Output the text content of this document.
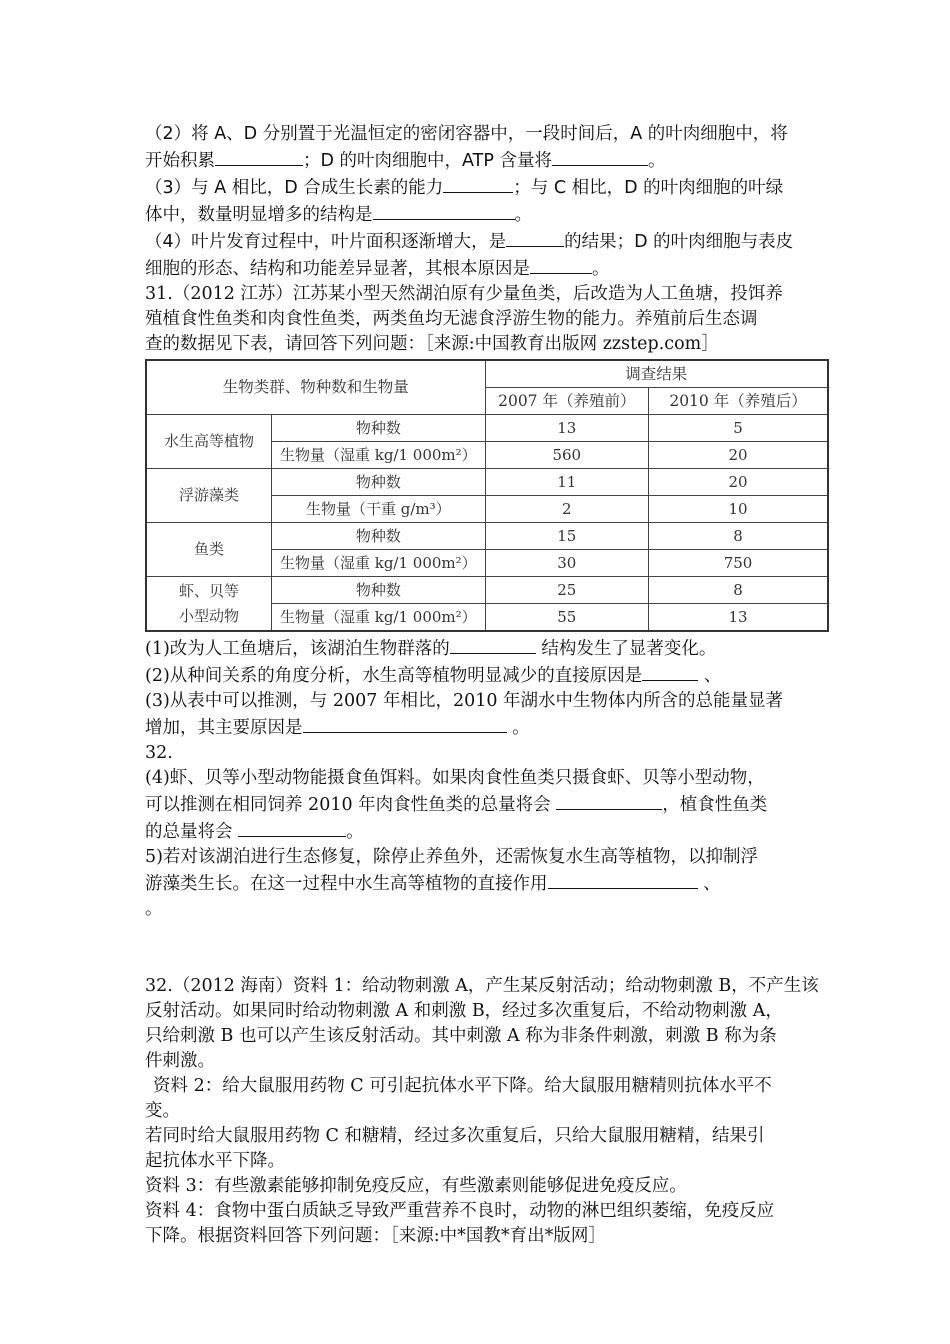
（2）将 A、D 分别置于光温恒定的密闭容器中，一段时间后，A 的叶肉细胞中，将
开始积累	；D 的叶肉细胞中，ATP 含量将	。
（3）与 A 相比，D 合成生长素的能力	；与 C 相比，D 的叶肉细胞的叶绿
体中，数量明显增多的结构是	。
（4）叶片发育过程中，叶片面积逐渐增大，是	的结果；D 的叶肉细胞与表皮
细胞的形态、结构和功能差异显著，其根本原因是	。
31.（2012 江苏）江苏某小型天然湖泊原有少量鱼类，后改造为人工鱼塘，投饵养
殖植食性鱼类和肉食性鱼类，两类鱼均无滤食浮游生物的能力。养殖前后生态调
查的数据见下表，请回答下列问题：［来源:中国教育出版网 zzstep.com］
生物类群、物种数和生物量		调查结果	
		2007 年（养殖前）	2010 年（养殖后）
水生高等植物	物种数	13	5
	生物量（湿重 kg/1 000m²）	560	20
浮游藻类	物种数	11	20
	生物量（干重 g/m³）	2	10
鱼类	物种数	15	8
	生物量（湿重 kg/1 000m²）	30	750

虾、贝等
小型动物	物种数	25	8
	生物量（湿重 kg/1 000m²）	55	13
(1)改为人工鱼塘后，该湖泊生物群落的	结构发生了显著变化。
(2)从种间关系的角度分析，水生高等植物明显减少的直接原因是	、
(3)从表中可以推测，与 2007 年相比，2010 年湖水中生物体内所含的总能量显著
增加，其主要原因是	。
32.
(4)虾、贝等小型动物能摄食鱼饵料。如果肉食性鱼类只摄食虾、贝等小型动物，
可以推测在相同饲养 2010 年肉食性鱼类的总量将会	，植食性鱼类
的总量将会	。
5)若对该湖泊进行生态修复，除停止养鱼外，还需恢复水生高等植物，以抑制浮
游藻类生长。在这一过程中水生高等植物的直接作用	、
。
32.（2012 海南）资料 1：给动物刺激 A，产生某反射活动；给动物刺激 B，不产生该
反射活动。如果同时给动物刺激 A 和刺激 B，经过多次重复后，不给动物刺激 A，
只给刺激 B 也可以产生该反射活动。其中刺激 A 称为非条件刺激，刺激 B 称为条
件刺激。
资料 2：给大鼠服用药物 C 可引起抗体水平下降。给大鼠服用糖精则抗体水平不
变。
若同时给大鼠服用药物 C 和糖精，经过多次重复后，只给大鼠服用糖精，结果引
起抗体水平下降。
资料 3：有些激素能够抑制免疫反应，有些激素则能够促进免疫反应。
资料 4：食物中蛋白质缺乏导致严重营养不良时，动物的淋巴组织萎缩，免疫反应
下降。根据资料回答下列问题：［来源:中*国教*育出*版网］
